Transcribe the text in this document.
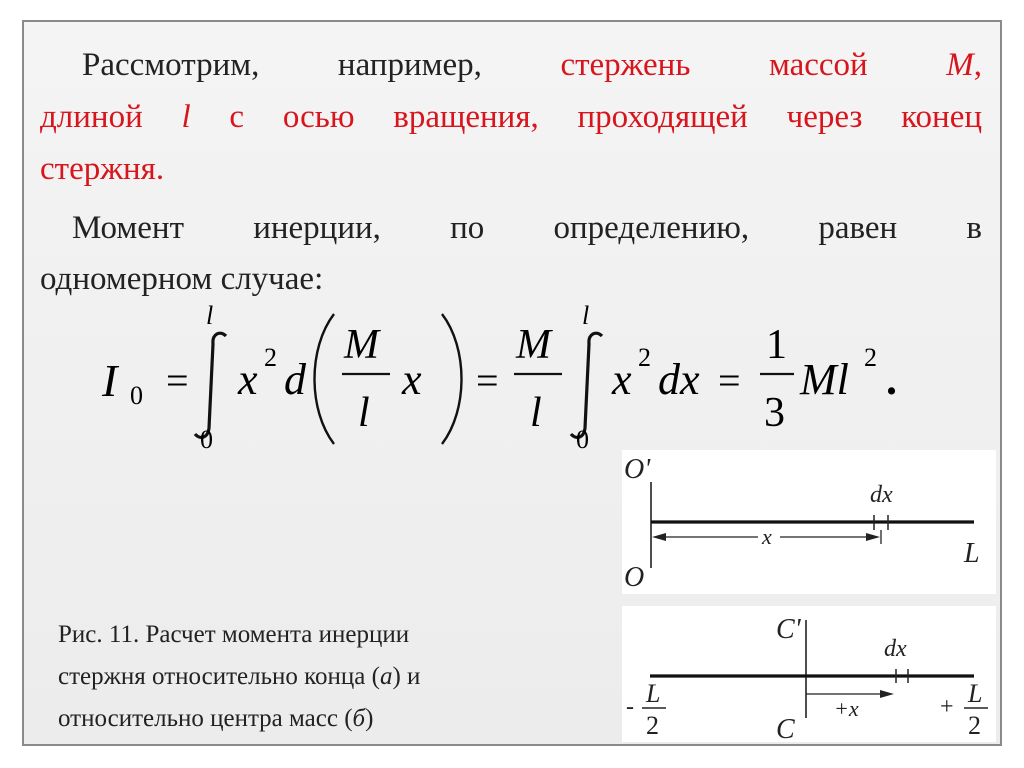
Рассмотрим, например, стержень массой M,
длиной l с осью вращения, проходящей через конец
стержня.
Момент инерции, по определению, равен в
одномерном случае:
I 0 =
l
0
x 2 d
M
l
x =
M
l
l
0
x 2 dx =
1
3
Ml 2 .
Рис. 11. Расчет момента инерции
стержня относительно конца (а) и
относительно центра масс (б)
O'
dx
x
L
O
C'
dx
+x
C
- L
2
+ L
2
